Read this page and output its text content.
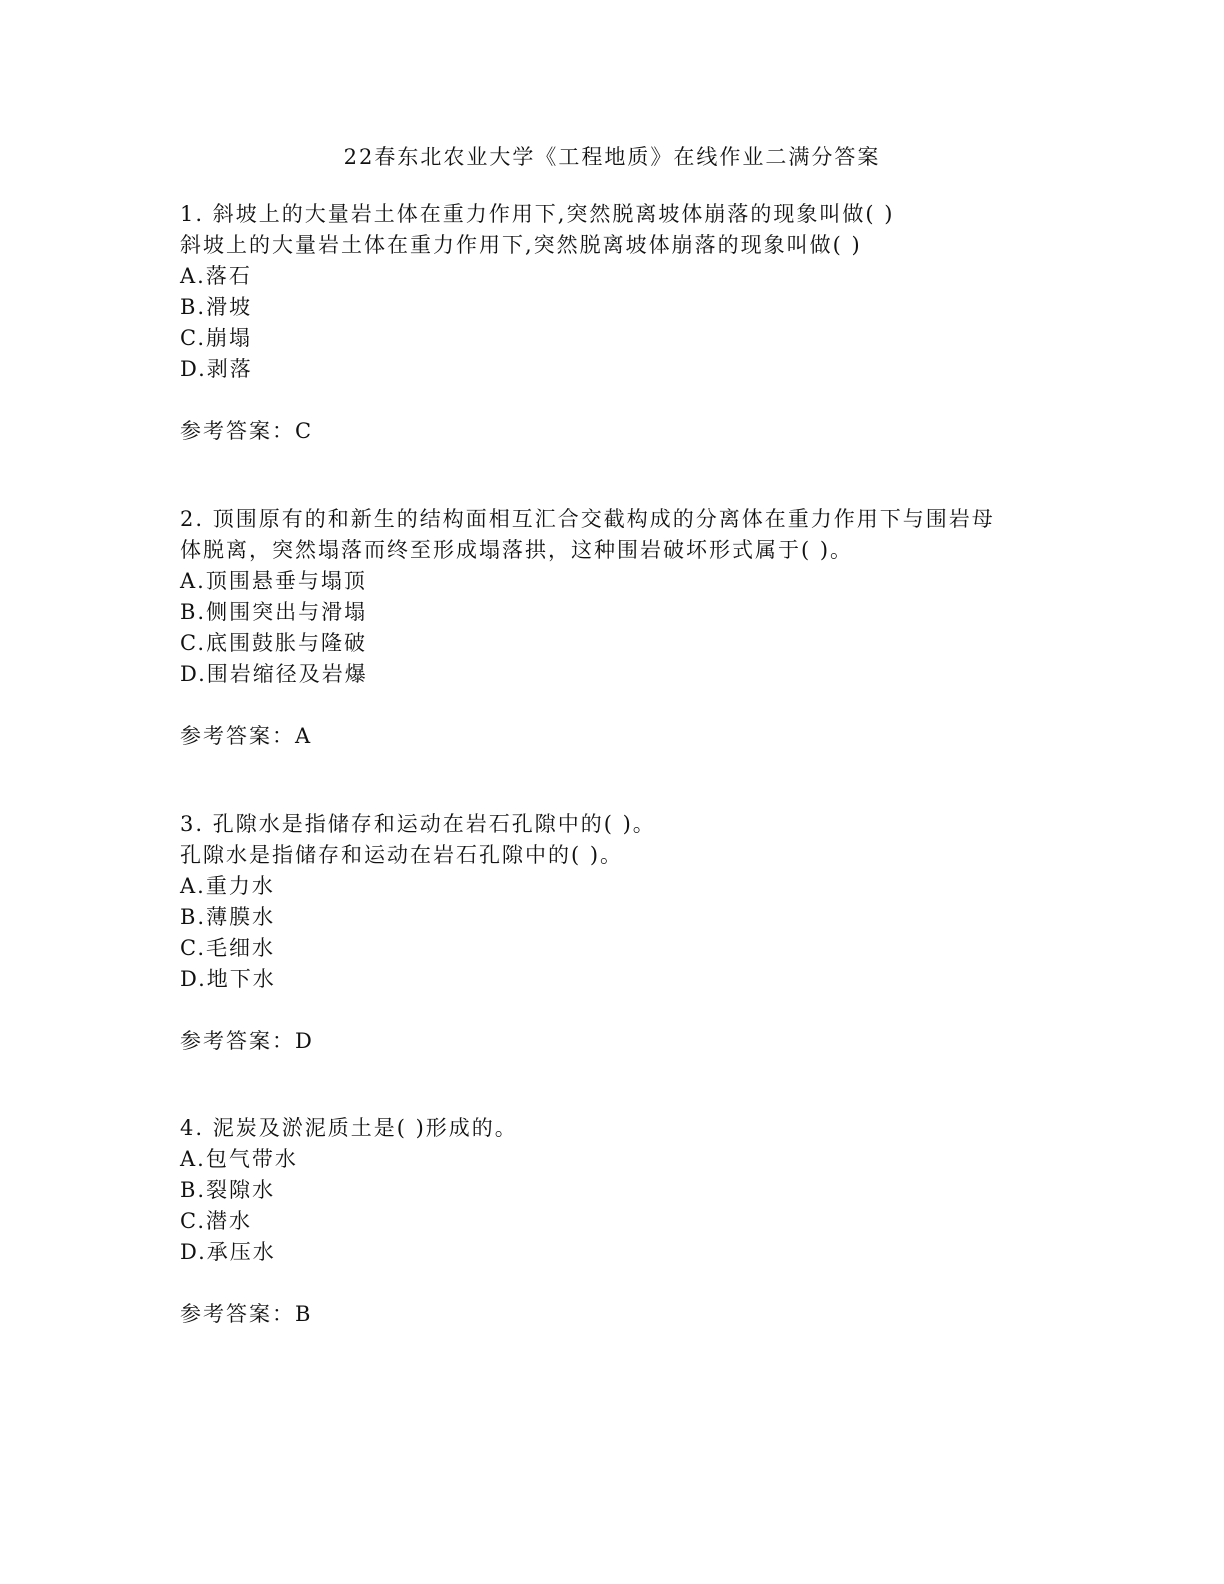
22春东北农业大学《工程地质》在线作业二满分答案
1. 斜坡上的大量岩土体在重力作用下,突然脱离坡体崩落的现象叫做( )
斜坡上的大量岩土体在重力作用下,突然脱离坡体崩落的现象叫做( )
A.落石
B.滑坡
C.崩塌
D.剥落
参考答案：C
2. 顶围原有的和新生的结构面相互汇合交截构成的分离体在重力作用下与围岩母
体脱离，突然塌落而终至形成塌落拱，这种围岩破坏形式属于( )。
A.顶围悬垂与塌顶
B.侧围突出与滑塌
C.底围鼓胀与隆破
D.围岩缩径及岩爆
参考答案：A
3. 孔隙水是指储存和运动在岩石孔隙中的( )。
孔隙水是指储存和运动在岩石孔隙中的( )。
A.重力水
B.薄膜水
C.毛细水
D.地下水
参考答案：D
4. 泥炭及淤泥质土是( )形成的。
A.包气带水
B.裂隙水
C.潜水
D.承压水
参考答案：B
